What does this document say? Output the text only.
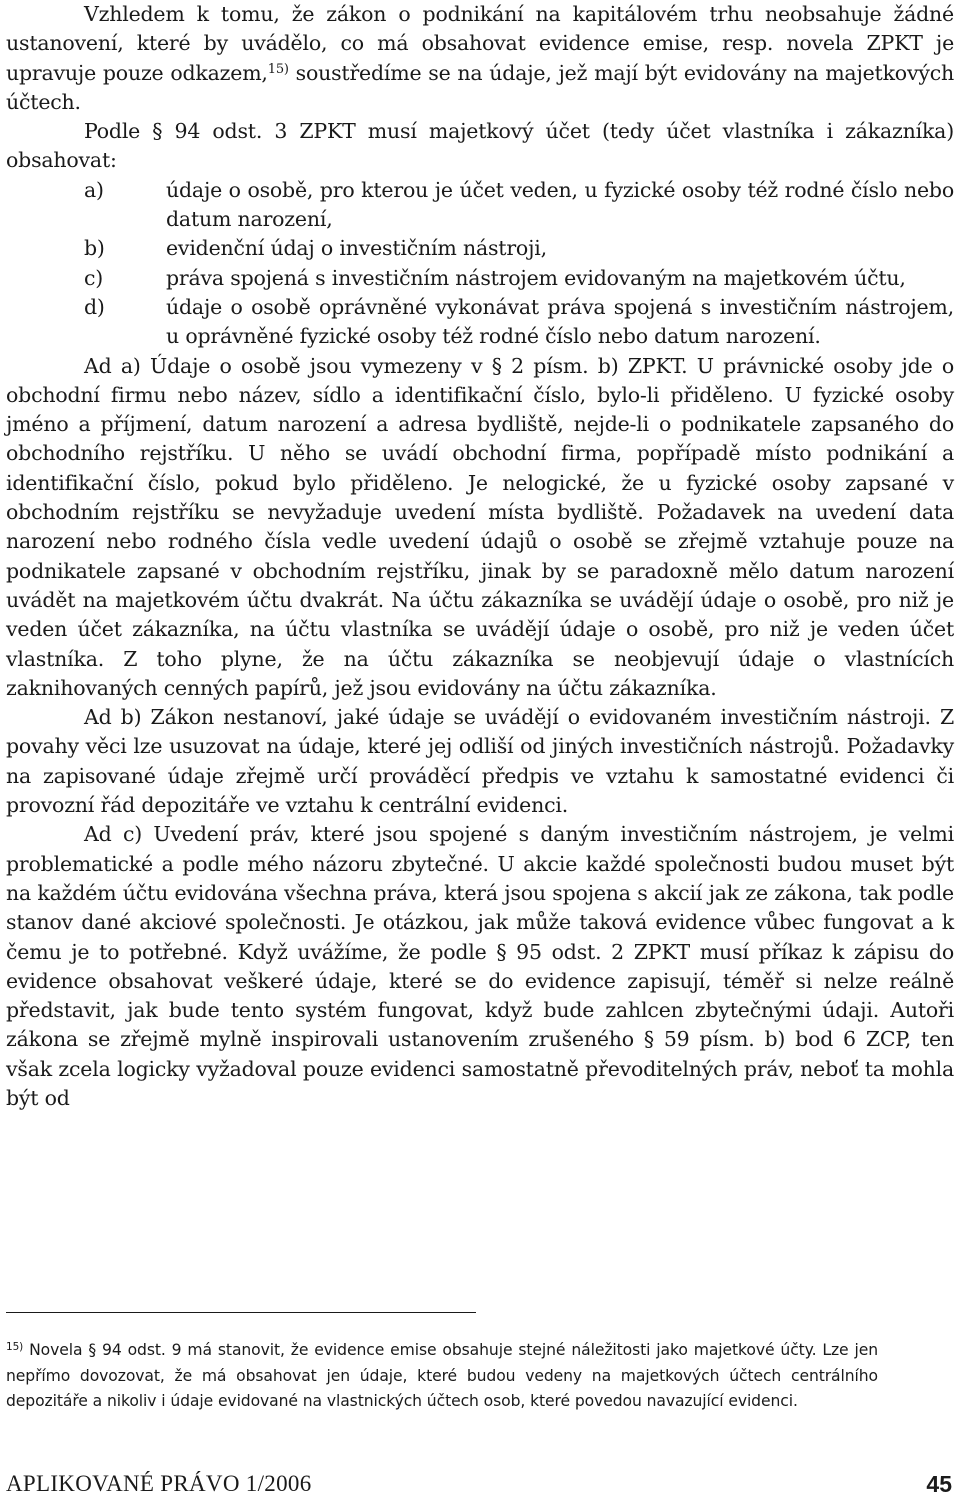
Vzhledem k tomu, že zákon o podnikání na kapitálovém trhu neobsahuje žádné ustanovení, které by uvádělo, co má obsahovat evidence emise, resp. novela ZPKT je upravuje pouze odkazem,$^{15)}$ soustředíme se na údaje, jež mají být evidovány na majetkových účtech.

Podle § 94 odst. 3 ZPKT musí majetkový účet (tedy účet vlastníka i zákazníka) obsahovat:

a)	údaje o osobě, pro kterou je účet veden, u fyzické osoby též rodné číslo nebo datum narození,
b)	evidenční údaj o investičním nástroji,
c)	práva spojená s investičním nástrojem evidovaným na majetkovém účtu,
d)	údaje o osobě oprávněné vykonávat práva spojená s investičním nástrojem, u oprávněné fyzické osoby též rodné číslo nebo datum narození.

Ad a) Údaje o osobě jsou vymezeny v § 2 písm. b) ZPKT. U právnické osoby jde o obchodní firmu nebo název, sídlo a identifikační číslo, bylo-li přiděleno. U fyzické osoby jméno a příjmení, datum narození a adresa bydliště, nejde-li o podnikatele zapsaného do obchodního rejstříku. U něho se uvádí obchodní firma, popřípadě místo podnikání a identifikační číslo, pokud bylo přiděleno. Je nelogické, že u fyzické osoby zapsané v obchodním rejstříku se nevyžaduje uvedení místa bydliště. Požadavek na uvedení data narození nebo rodného čísla vedle uvedení údajů o osobě se zřejmě vztahuje pouze na podnikatele zapsané v obchodním rejstříku, jinak by se paradoxně mělo datum narození uvádět na majetkovém účtu dvakrát. Na účtu zákazníka se uvádějí údaje o osobě, pro niž je veden účet zákazníka, na účtu vlastníka se uvádějí údaje o osobě, pro niž je veden účet vlastníka. Z toho plyne, že na účtu zákazníka se neobjevují údaje o vlastnících zaknihovaných cenných papírů, jež jsou evidovány na účtu zákazníka.

Ad b) Zákon nestanoví, jaké údaje se uvádějí o evidovaném investičním nástroji. Z povahy věci lze usuzovat na údaje, které jej odliší od jiných investičních nástrojů. Požadavky na zapisované údaje zřejmě určí prováděcí předpis ve vztahu k samostatné evidenci či provozní řád depozitáře ve vztahu k centrální evidenci.

Ad c) Uvedení práv, které jsou spojené s daným investičním nástrojem, je velmi problematické a podle mého názoru zbytečné. U akcie každé společnosti budou muset být na každém účtu evidována všechna práva, která jsou spojena s akcií jak ze zákona, tak podle stanov dané akciové společnosti. Je otázkou, jak může taková evidence vůbec fungovat a k čemu je to potřebné. Když uvážíme, že podle § 95 odst. 2 ZPKT musí příkaz k zápisu do evidence obsahovat veškeré údaje, které se do evidence zapisují, téměř si nelze reálně představit, jak bude tento systém fungovat, když bude zahlcen zbytečnými údaji. Autoři zákona se zřejmě mylně inspirovali ustanovením zrušeného § 59 písm. b) bod 6 ZCP, ten však zcela logicky vyžadoval pouze evidenci samostatně převoditelných práv, neboť ta mohla být od

$^{15)}$ Novela § 94 odst. 9 má stanovit, že evidence emise obsahuje stejné náležitosti jako majetkové účty. Lze jen nepřímo dovozovat, že má obsahovat jen údaje, které budou vedeny na majetkových účtech centrálního depozitáře a nikoliv i údaje evidované na vlastnických účtech osob, které povedou navazující evidenci.
APLIKOVANÉ PRÁVO 1/2006	45
